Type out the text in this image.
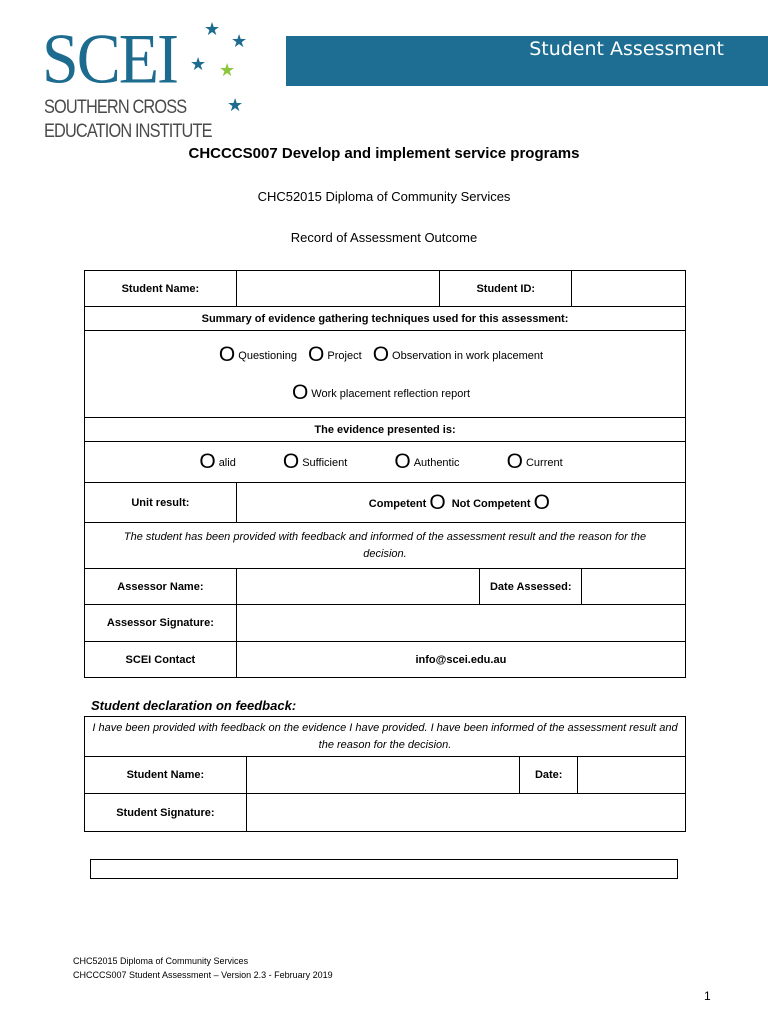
SCEI
SOUTHERN CROSS
EDUCATION INSTITUTE
★
★
★ ★
★
Student Assessment
CHCCCS007 Develop and implement service programs
CHC52015 Diploma of Community Services
Record of Assessment Outcome
Student Name:		Student ID:	
Summary of evidence gathering techniques used for this assessment:			

O Questioning O Project O Observation in work placement
O Work placement reflection report			

The evidence presented is:			
O alid O Sufficient O Authentic O Current			
Unit result:	Competent O Not Competent O		
The student has been provided with feedback and informed of the assessment result and the reason for the decision.			
Assessor Name:		Date Assessed:	
Assessor Signature:			
SCEI Contact	info@scei.edu.au		
Student declaration on feedback:
I have been provided with feedback on the evidence I have provided. I have been informed of the assessment result and the reason for the decision.			
Student Name:		Date:	
Student Signature:			
CHC52015 Diploma of Community Services
CHCCCS007 Student Assessment – Version 2.3 - February 2019
1
